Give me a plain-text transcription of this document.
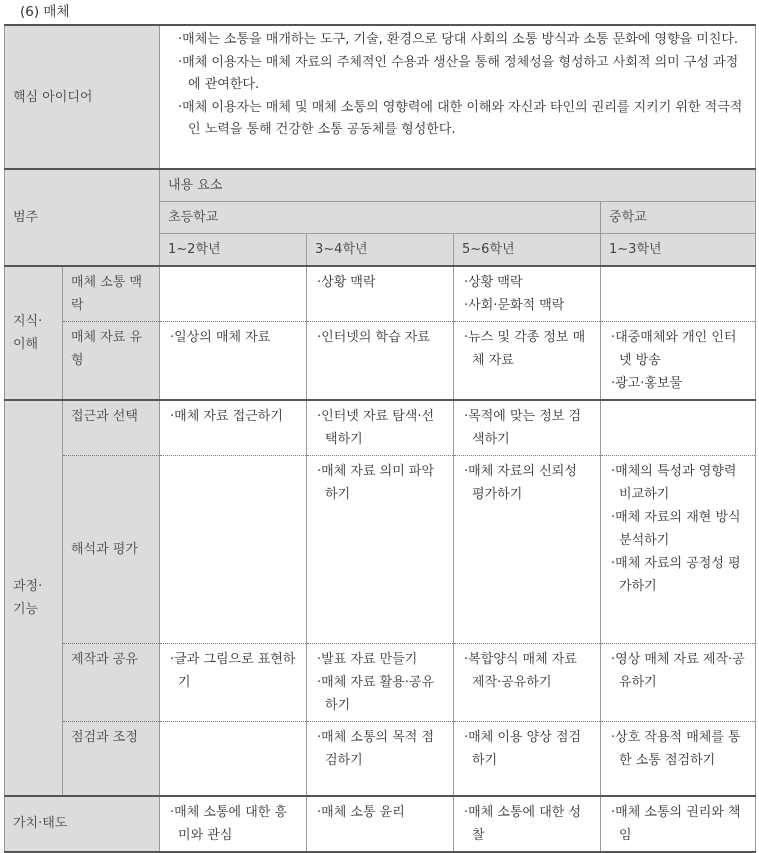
(6) 매체
핵심 아이디어		·매체는 소통을 매개하는 도구, 기술, 환경으로 당대 사회의 소통 방식과 소통 문화에 영향을 미친다.
·매체 이용자는 매체 자료의 주체적인 수용과 생산을 통해 정체성을 형성하고 사회적 의미 구성 과정에 관여한다.
·매체 이용자는 매체 및 매체 소통의 영향력에 대한 이해와 자신과 타인의 권리를 지키기 위한 적극적인 노력을 통해 건강한 소통 공동체를 형성한다.			

범주		내용 요소			
		초등학교			중학교
		1~2학년	3~4학년	5~6학년	1~3학년
지식·이해	매체 소통 맥락		·상황 맥락	·상황 맥락
·사회·문화적 맥락	

	매체 자료 유형	·일상의 매체 자료	·인터넷의 학습 자료	·뉴스 및 각종 정보 매체 자료	·대중매체와 개인 인터넷 방송
·광고·홍보물

과정·기능	접근과 선택	·매체 자료 접근하기	·인터넷 자료 탐색·선택하기	·목적에 맞는 정보 검색하기	

	해석과 평가		·매체 자료 의미 파악하기	·매체 자료의 신뢰성 평가하기	·매체의 특성과 영향력 비교하기
·매체 자료의 재현 방식 분석하기
·매체 자료의 공정성 평가하기

	제작과 공유	·글과 그림으로 표현하기	·발표 자료 만들기
·매체 자료 활용·공유하기	·복합양식 매체 자료 제작·공유하기	·영상 매체 자료 제작·공유하기

	점검과 조정		·매체 소통의 목적 점검하기	·매체 이용 양상 점검하기	·상호 작용적 매체를 통한 소통 점검하기

가치·태도		·매체 소통에 대한 흥미와 관심	·매체 소통 윤리	·매체 소통에 대한 성찰	·매체 소통의 권리와 책임
